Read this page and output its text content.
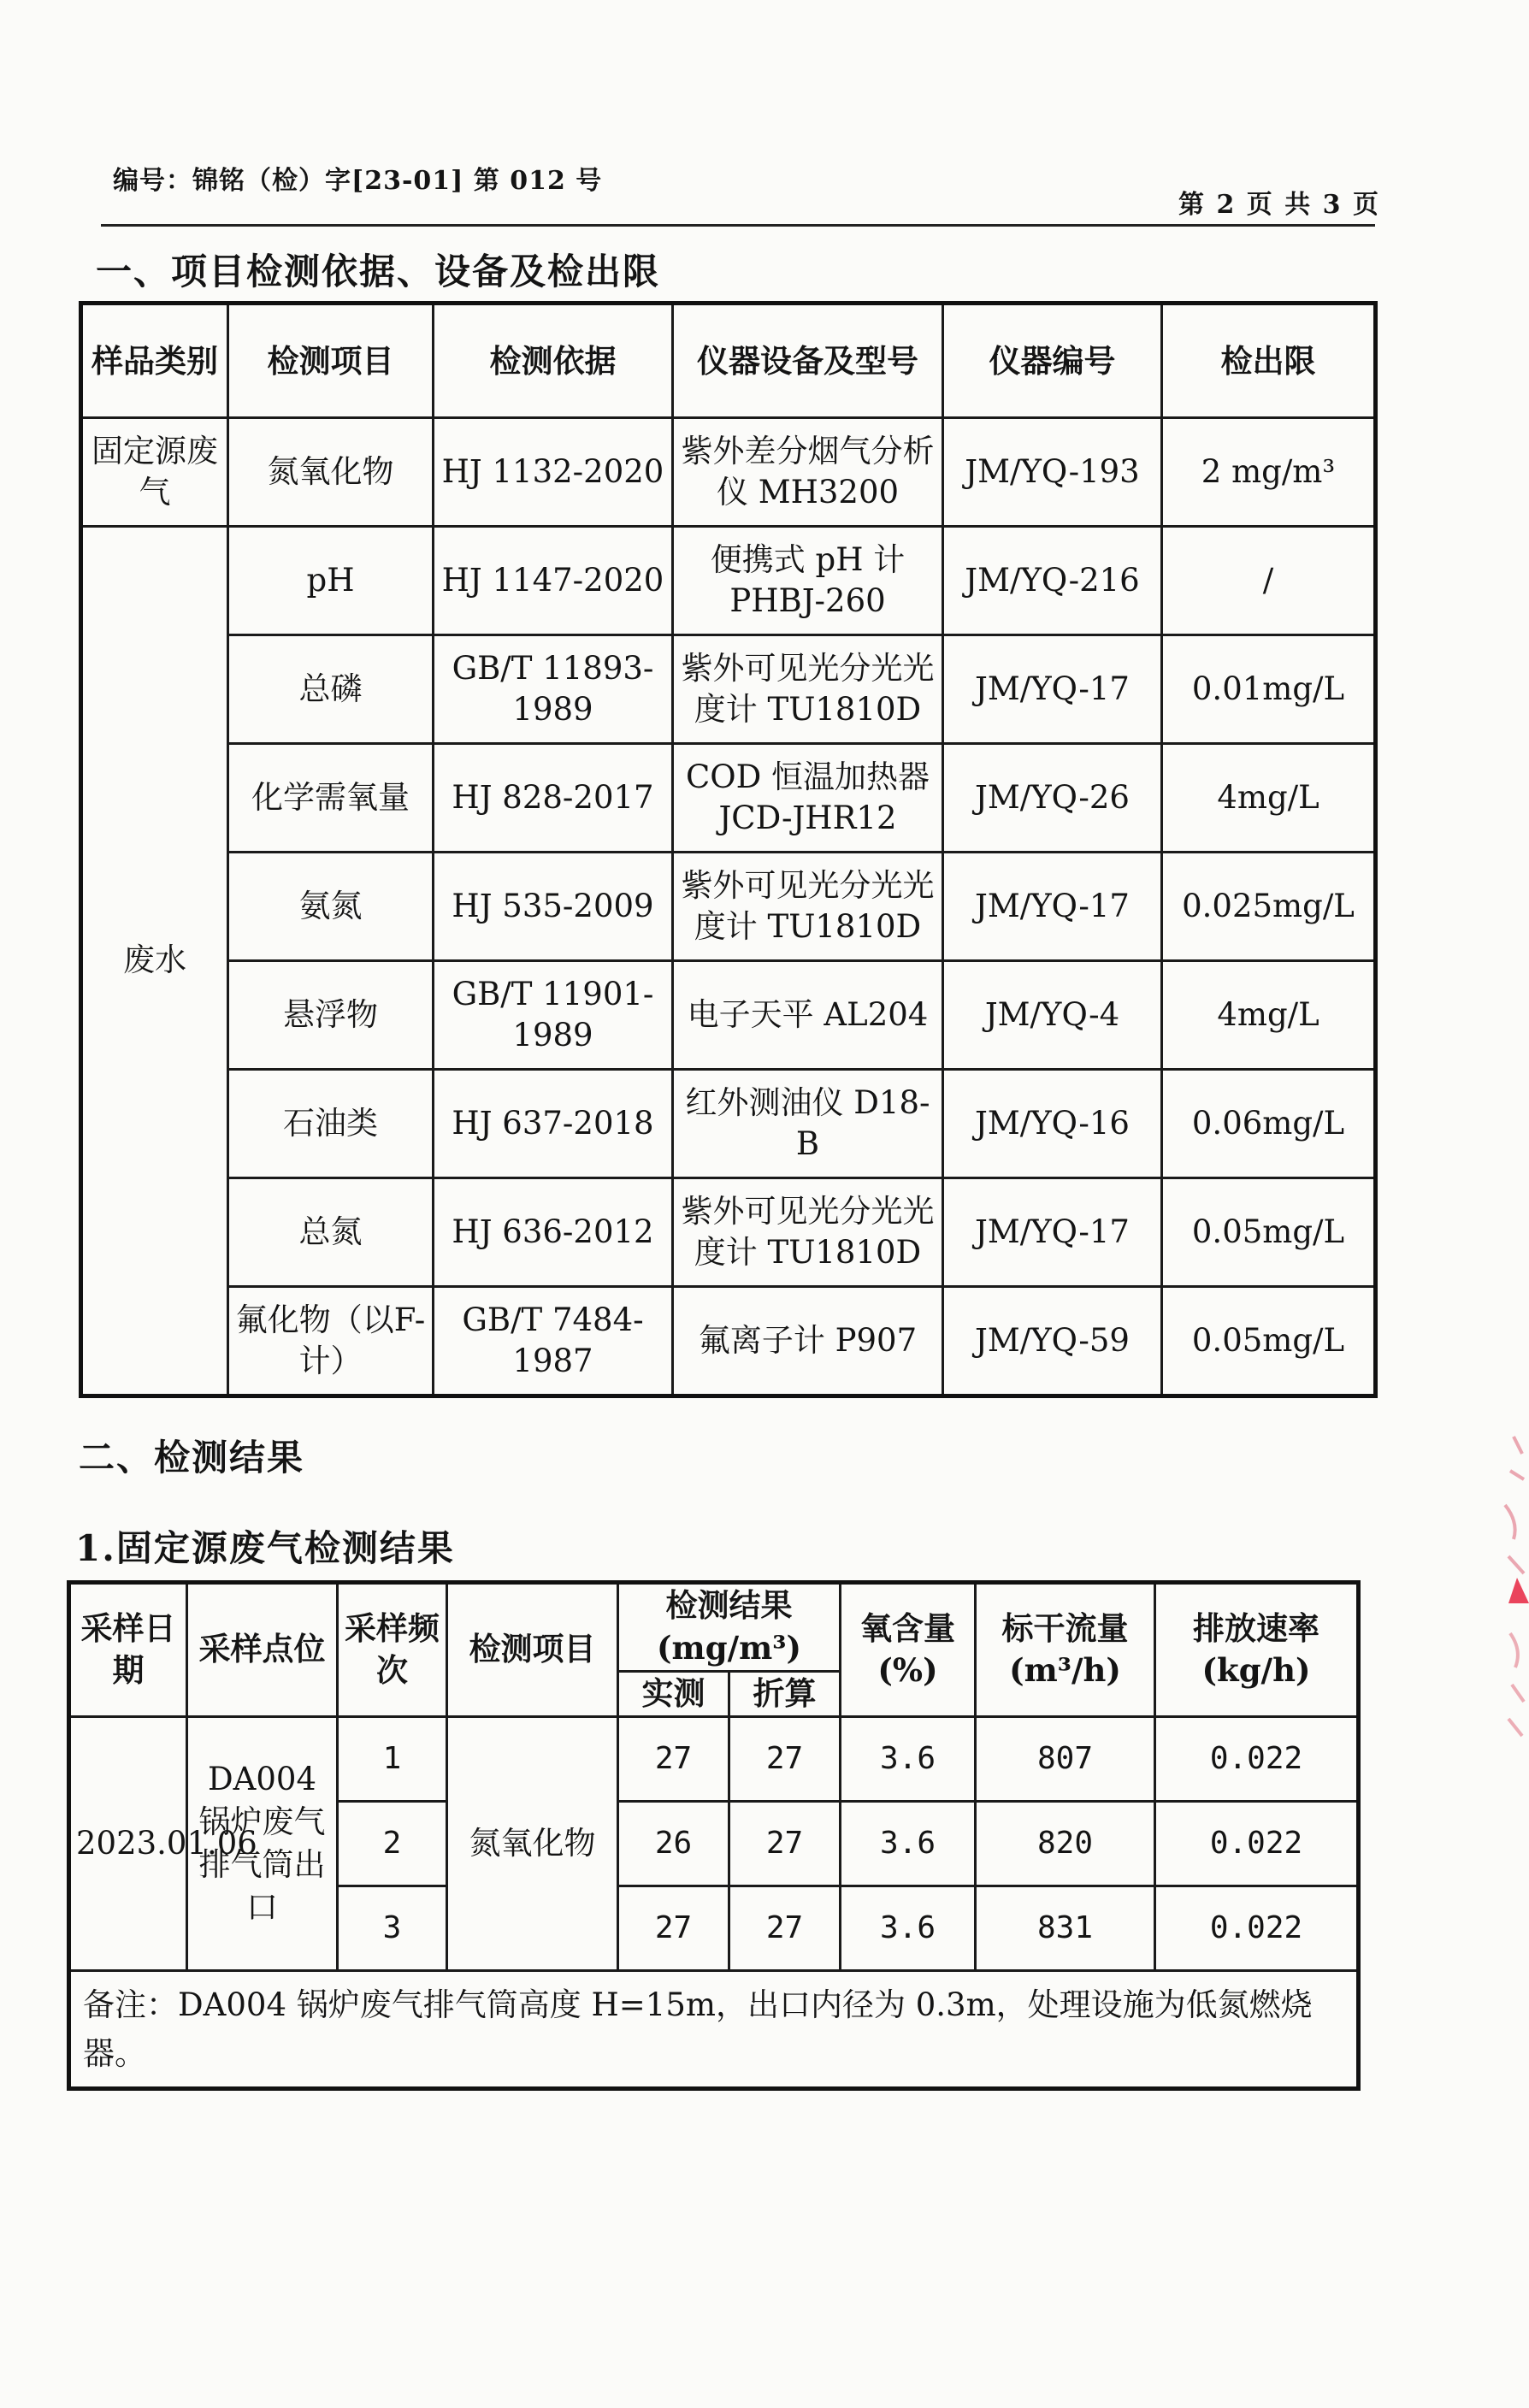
编号：锦铭（检）字[23-01] 第 012 号
第 2 页 共 3 页
一、项目检测依据、设备及检出限
样品类别	检测项目	检测依据	仪器设备及型号	仪器编号	检出限
固定源废气	氮氧化物	HJ 1132-2020	紫外差分烟气分析仪 MH3200	JM/YQ-193	2 mg/m³
废水	pH	HJ 1147-2020	便携式 pH 计 PHBJ-260	JM/YQ-216	/
	总磷	GB/T 11893-1989	紫外可见光分光光度计 TU1810D	JM/YQ-17	0.01mg/L
	化学需氧量	HJ 828-2017	COD 恒温加热器 JCD-JHR12	JM/YQ-26	4mg/L
	氨氮	HJ 535-2009	紫外可见光分光光度计 TU1810D	JM/YQ-17	0.025mg/L
	悬浮物	GB/T 11901-1989	电子天平 AL204	JM/YQ-4	4mg/L
	石油类	HJ 637-2018	红外测油仪 D18-B	JM/YQ-16	0.06mg/L
	总氮	HJ 636-2012	紫外可见光分光光度计 TU1810D	JM/YQ-17	0.05mg/L
	氟化物（以F-计）	GB/T 7484-1987	氟离子计 P907	JM/YQ-59	0.05mg/L
二、检测结果
1.固定源废气检测结果
采样日期	采样点位	采样频次	检测项目	检测结果 (mg/m³)		氧含量 (%)	标干流量 (m³/h)	排放速率 (kg/h)
				实测	折算			
2023.01.06	DA004锅炉废气排气筒出口	1	氮氧化物	27	27	3.6	807	0.022
		2		26	27	3.6	820	0.022
		3		27	27	3.6	831	0.022
备注：DA004 锅炉废气排气筒高度 H=15m，出口内径为 0.3m，处理设施为低氮燃烧器。								
